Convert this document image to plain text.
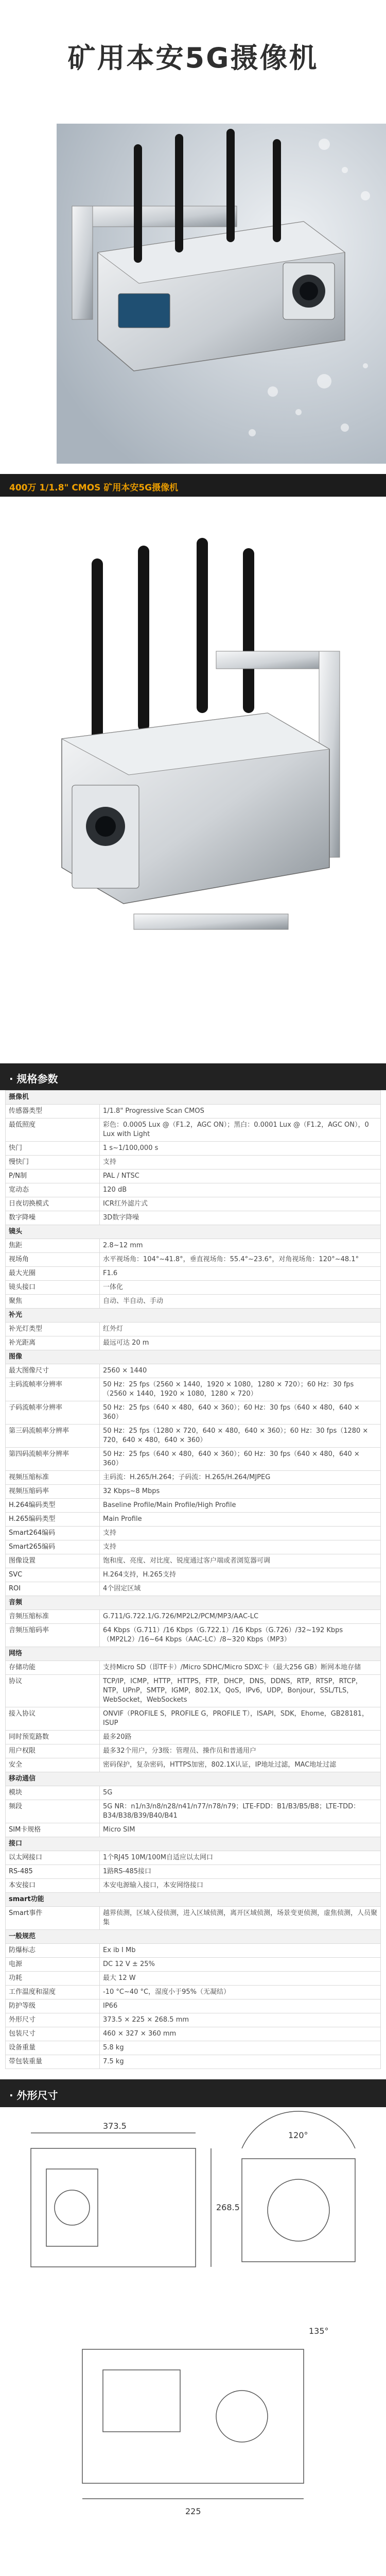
矿用本安5G摄像机
400万 1/1.8" CMOS 矿用本安5G摄像机
· 规格参数
摄像机	
传感器类型	1/1.8" Progressive Scan CMOS
最低照度	彩色：0.0005 Lux @（F1.2，AGC ON）；黑白：0.0001 Lux @（F1.2，AGC ON），0 Lux with Light
快门	1 s~1/100,000 s
慢快门	支持
P/N制	PAL / NTSC
宽动态	120 dB
日夜切换模式	ICR红外滤片式
数字降噪	3D数字降噪
镜头	
焦距	2.8~12 mm
视场角	水平视场角：104°~41.8°，垂直视场角：55.4°~23.6°，对角视场角：120°~48.1°
最大光圈	F1.6
镜头接口	一体化
聚焦	自动、半自动、手动
补光	
补光灯类型	红外灯
补光距离	最远可达 20 m
图像	
最大图像尺寸	2560 × 1440
主码流帧率分辨率	50 Hz：25 fps（2560 × 1440，1920 × 1080，1280 × 720）；60 Hz：30 fps（2560 × 1440，1920 × 1080，1280 × 720）
子码流帧率分辨率	50 Hz：25 fps（640 × 480，640 × 360）；60 Hz：30 fps（640 × 480，640 × 360）
第三码流帧率分辨率	50 Hz：25 fps（1280 × 720，640 × 480，640 × 360）；60 Hz：30 fps（1280 × 720，640 × 480，640 × 360）
第四码流帧率分辨率	50 Hz：25 fps（640 × 480，640 × 360）；60 Hz：30 fps（640 × 480，640 × 360）
视频压缩标准	主码流：H.265/H.264；子码流：H.265/H.264/MJPEG
视频压缩码率	32 Kbps~8 Mbps
H.264编码类型	Baseline Profile/Main Profile/High Profile
H.265编码类型	Main Profile
Smart264编码	支持
Smart265编码	支持
图像设置	饱和度、亮度、对比度、锐度通过客户端或者浏览器可调
SVC	H.264支持，H.265支持
ROI	4个固定区域
音频	
音频压缩标准	G.711/G.722.1/G.726/MP2L2/PCM/MP3/AAC-LC
音频压缩码率	64 Kbps（G.711）/16 Kbps（G.722.1）/16 Kbps（G.726）/32~192 Kbps（MP2L2）/16~64 Kbps（AAC-LC）/8~320 Kbps（MP3）
网络	
存储功能	支持Micro SD（即TF卡）/Micro SDHC/Micro SDXC卡（最大256 GB）断网本地存储
协议	TCP/IP，ICMP，HTTP，HTTPS，FTP，DHCP，DNS，DDNS，RTP，RTSP，RTCP，NTP，UPnP，SMTP，IGMP，802.1X，QoS，IPv6，UDP，Bonjour，SSL/TLS，WebSocket，WebSockets
接入协议	ONVIF（PROFILE S，PROFILE G，PROFILE T），ISAPI，SDK，Ehome，GB28181，ISUP
同时预览路数	最多20路
用户权限	最多32个用户，分3级：管理员、操作员和普通用户
安全	密码保护，复杂密码，HTTPS加密，802.1X认证，IP地址过滤，MAC地址过滤
移动通信	
模块	5G
频段	5G NR：n1/n3/n8/n28/n41/n77/n78/n79；LTE-FDD：B1/B3/B5/B8；LTE-TDD：B34/B38/B39/B40/B41
SIM卡规格	Micro SIM
接口	
以太网接口	1个RJ45 10M/100M自适应以太网口
RS-485	1路RS-485接口
本安接口	本安电源输入接口，本安网络接口
smart功能	
Smart事件	越界侦测，区域入侵侦测，进入区域侦测，离开区域侦测，场景变更侦测，虚焦侦测，人员聚集
一般规范	
防爆标志	Ex ib I Mb
电源	DC 12 V ± 25%
功耗	最大 12 W
工作温度和湿度	-10 °C~40 °C，湿度小于95%（无凝结）
防护等级	IP66
外形尺寸	373.5 × 225 × 268.5 mm
包装尺寸	460 × 327 × 360 mm
设备重量	5.8 kg
带包装重量	7.5 kg
· 外形尺寸
373.5
268.5
225
120°
135°
